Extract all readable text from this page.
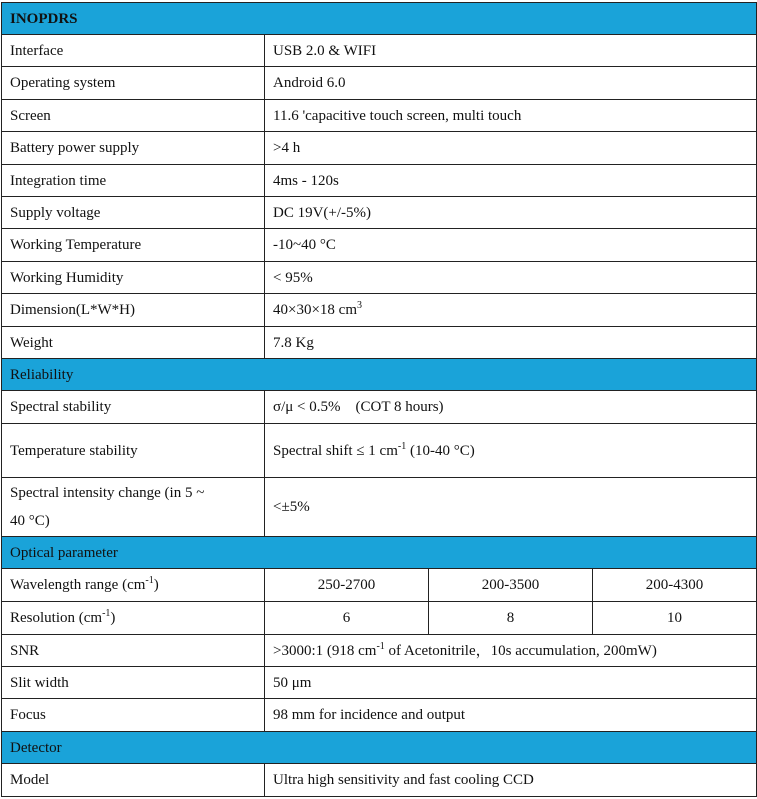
INOPDRS			
Interface	USB 2.0 & WIFI		
Operating system	Android 6.0		
Screen	11.6 'capacitive touch screen, multi touch		
Battery power supply	>4 h		
Integration time	4ms - 120s		
Supply voltage	DC 19V(+/-5%)		
Working Temperature	-10~40 °C		
Working Humidity	< 95%		
Dimension(L*W*H)	40×30×18 $cm^3$
Weight	7.8 Kg		
Reliability			
Spectral stability	σ/μ < 0.5%    (COT 8 hours)		
Temperature stability	Spectral shift ≤ 1 $cm^{-1}$ (10-40 °C)		

Spectral intensity change (in 5 ~
40 °C)	<±5%		
Optical parameter			
Wavelength range $(cm^{-1})$	250-2700	200-3500	200-4300
Resolution $(cm^{-1})$	6	8	10
SNR	>3000:1 (918 $cm^{-1}$ of Acetonitrile，10s accumulation, 200mW)		
Slit width	50 μm		
Focus	98 mm for incidence and output		
Detector			
Model	Ultra high sensitivity and fast cooling CCD		
